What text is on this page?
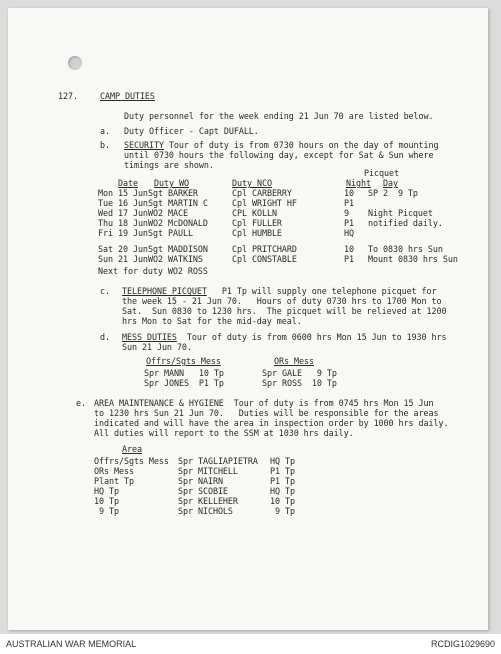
127.	CAMP DUTIES
Duty personnel for the week ending 21 Jun 70 are listed below.
a. Duty Officer - Capt DUFALL.
b. SECURITY Tour of duty is from 0730 hours on the day of mounting
until 0730 hours the following day, except for Sat & Sun where
timings are shown.
Picquet
Date Duty WO	Duty NCO	Night Day
Mon 15 Jun Sgt BARKER	Cpl CARBERRY	10 SP 2  9 Tp
Tue 16 Jun Sgt MARTIN C	Cpl WRIGHT HF	P1
Wed 17 Jun WO2 MACE	CPL KOLLN	9 Night Picquet
Thu 18 Jun WO2 McDONALD	Cpl FULLER	P1 notified daily.
Fri 19 Jun Sgt PAULL	Cpl HUMBLE	HQ
Sat 20 Jun Sgt MADDISON	Cpl PRITCHARD	10 To 0830 hrs Sun
Sun 21 Jun WO2 WATKINS	Cpl CONSTABLE	P1 Mount 0830 hrs Sun
Next for duty WO2 ROSS
c. TELEPHONE PICQUET   P1 Tp will supply one telephone picquet for
the week 15 - 21 Jun 70.   Hours of duty 0730 hrs to 1700 Mon to
Sat.  Sun 0830 to 1230 hrs.  The picquet will be relieved at 1200
hrs Mon to Sat for the mid-day meal.
d. MESS DUTIES  Tour of duty is from 0600 hrs Mon 15 Jun to 1930 hrs
Sun 21 Jun 70.
Offrs/Sgts Mess	ORs Mess
Spr MANN   10 Tp	Spr GALE   9 Tp
Spr JONES  P1 Tp	Spr ROSS  10 Tp
e. AREA MAINTENANCE & HYGIENE  Tour of duty is from 0745 hrs Mon 15 Jun
to 1230 hrs Sun 21 Jun 70.   Duties will be responsible for the areas
indicated and will have the area in inspection order by 1000 hrs daily.
All duties will report to the SSM at 1030 hrs daily.
Area
Offrs/Sgts Mess Spr TAGLIAPIETRA HQ Tp
ORs Mess	Spr MITCHELL	P1 Tp
Plant Tp	Spr NAIRN	P1 Tp
HQ Tp	Spr SCOBIE	HQ Tp
10 Tp	Spr KELLEHER	10 Tp
9 Tp	Spr NICHOLS	9 Tp
AUSTRALIAN WAR MEMORIAL	RCDIG1029690
